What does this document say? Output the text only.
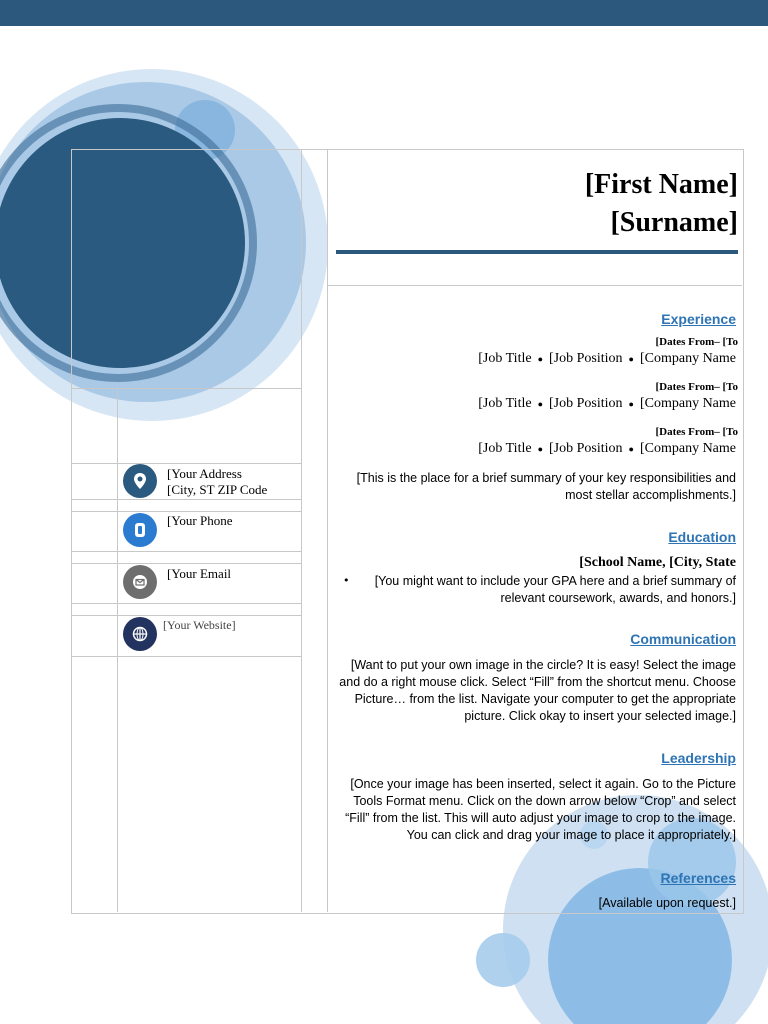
[First Name]
[Surname]
Experience
[Dates From– [To
[Job Title ● [Job Position ● [Company Name
[Dates From– [To
[Job Title ● [Job Position ● [Company Name
[Dates From– [To
[Job Title ● [Job Position ● [Company Name
[This is the place for a brief summary of your key responsibilities and most stellar accomplishments.]
Education
[School Name, [City, State
•	[You might want to include your GPA here and a brief summary of relevant coursework, awards, and honors.]
Communication
[Want to put your own image in the circle? It is easy! Select the image and do a right mouse click. Select “Fill” from the shortcut menu. Choose Picture… from the list. Navigate your computer to get the appropriate picture. Click okay to insert your selected image.]
Leadership
[Once your image has been inserted, select it again. Go to the Picture Tools Format menu. Click on the down arrow below “Crop” and select “Fill” from the list. This will auto adjust your image to crop to the image. You can click and drag your image to place it appropriately.]
References
[Available upon request.]
[Your Address
[City, ST ZIP Code
[Your Phone
[Your Email
[Your Website]
